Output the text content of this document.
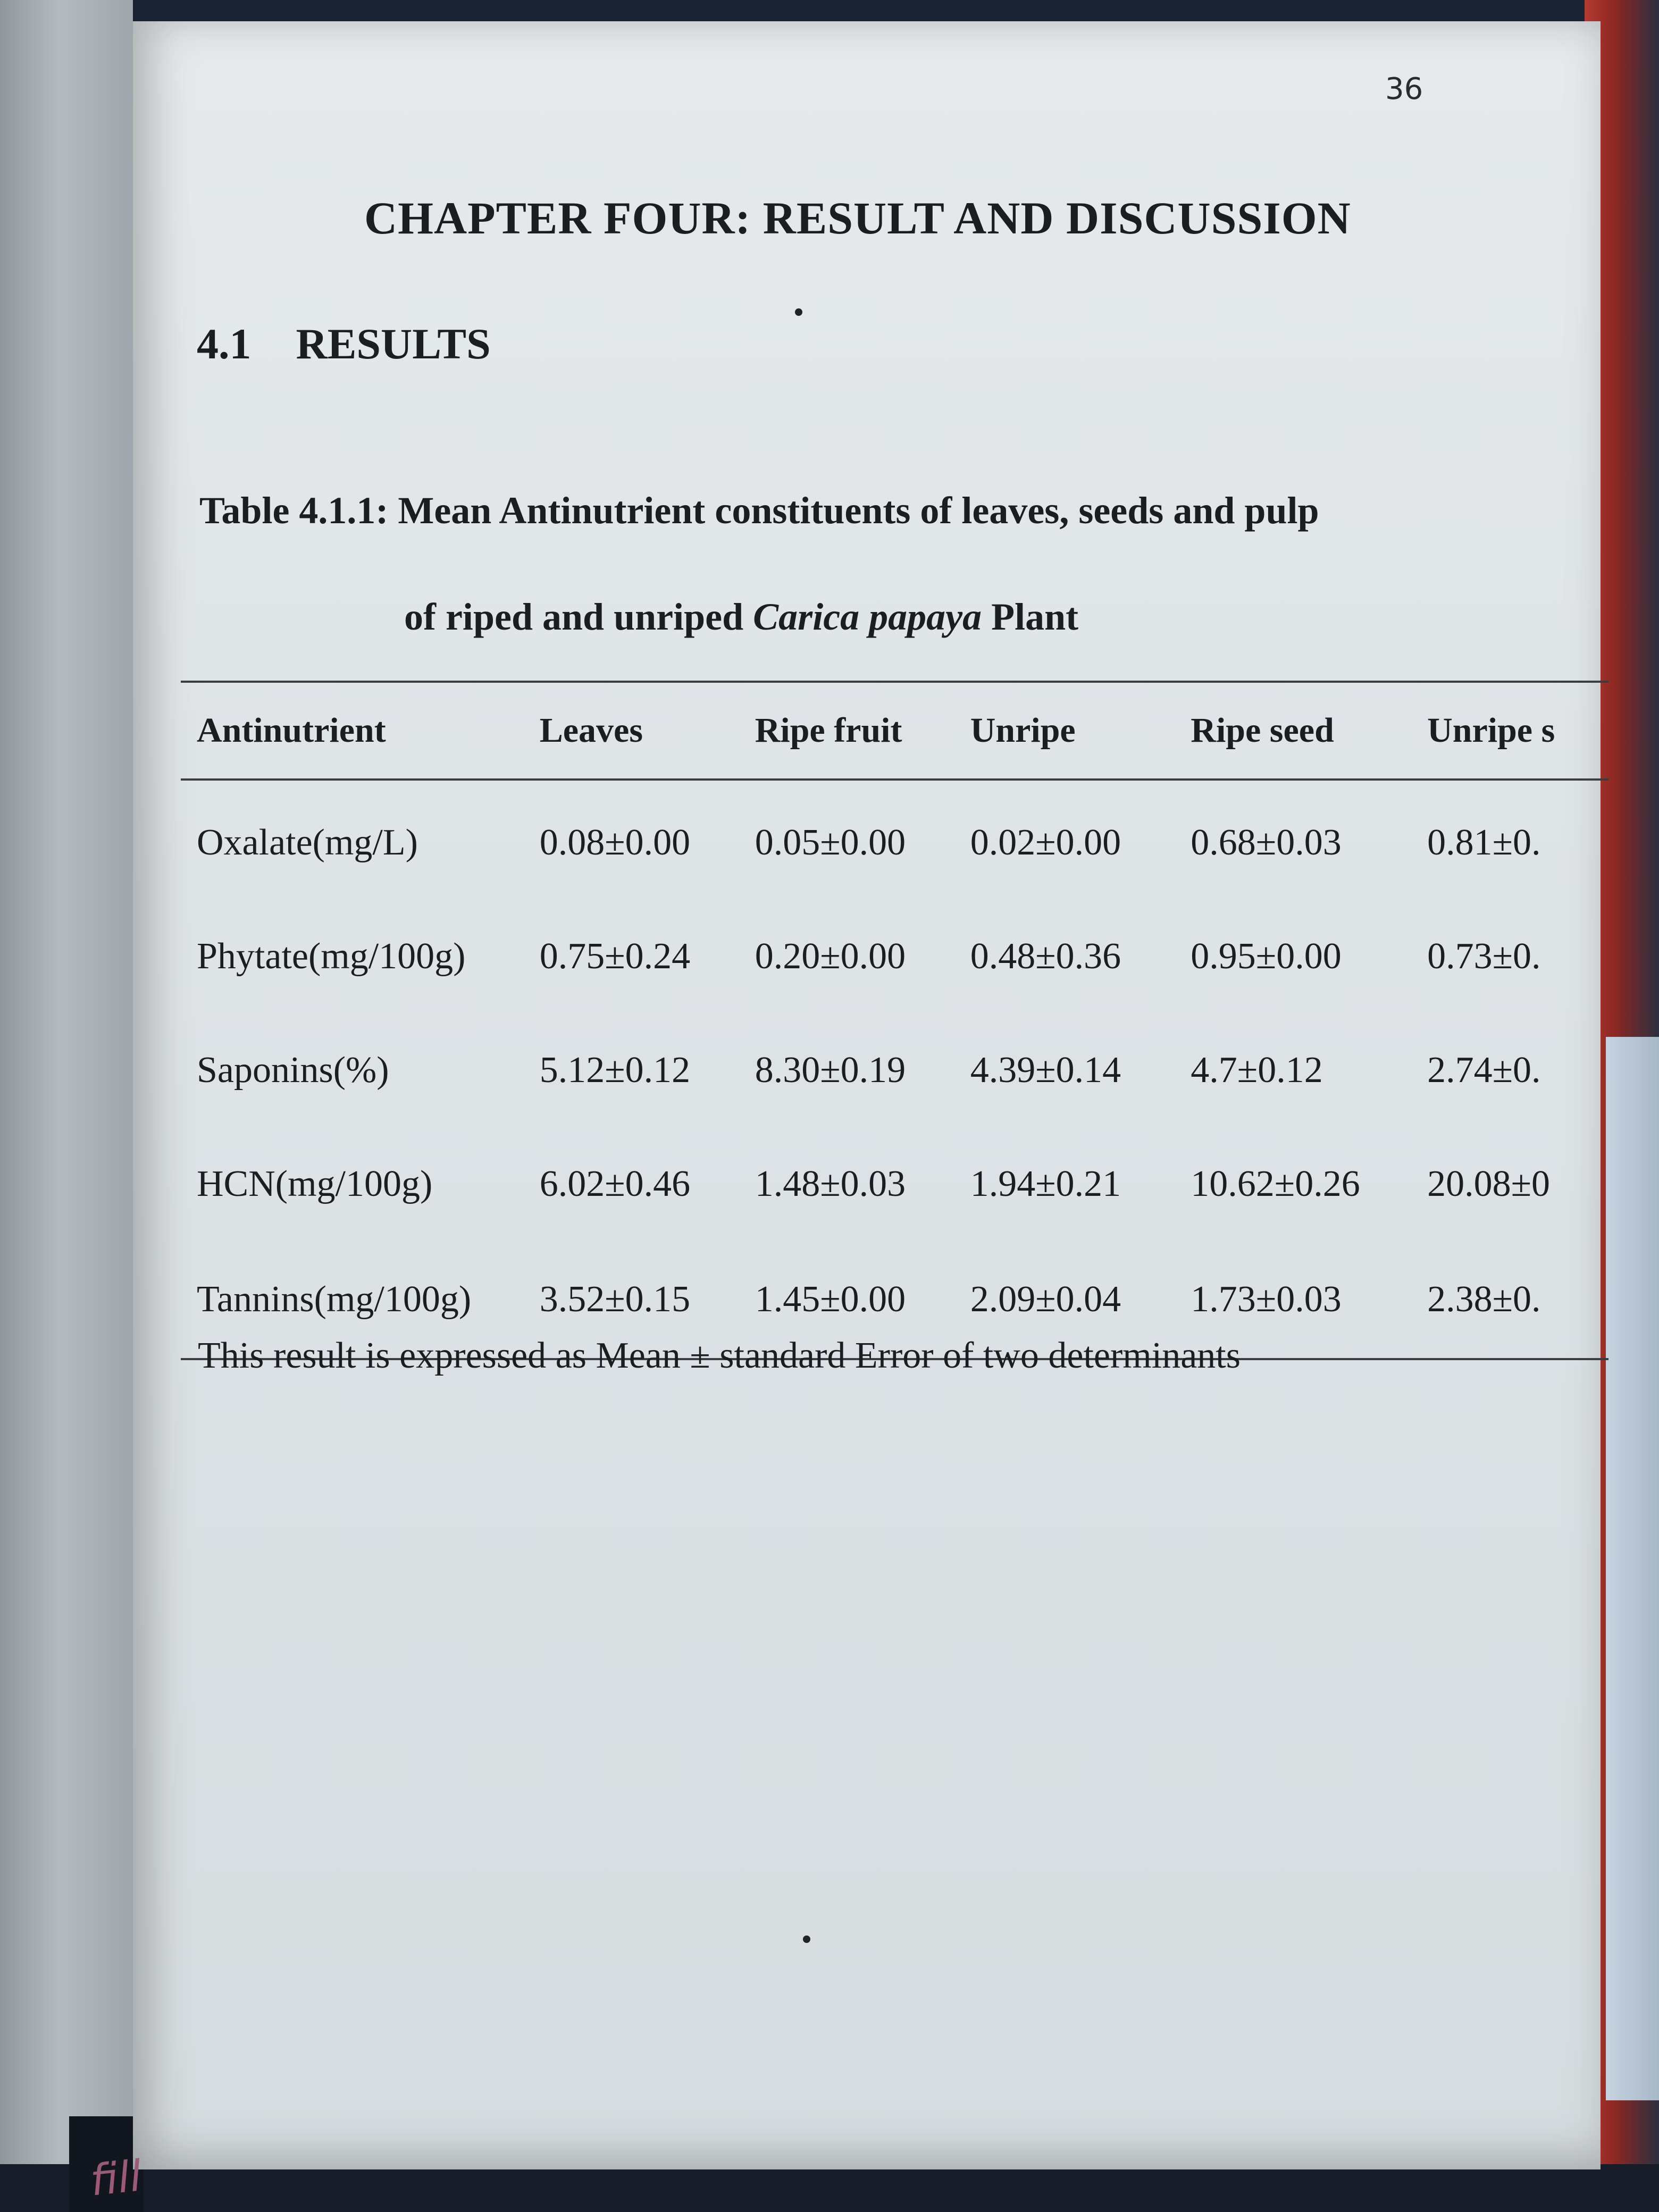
36
CHAPTER FOUR: RESULT AND DISCUSSION
4.1 RESULTS
Table 4.1.1: Mean Antinutrient constituents of leaves, seeds and pulp
of riped and unriped Carica papaya Plant
Antinutrient	Leaves	Ripe fruit	Unripe	Ripe seed	Unripe s
Oxalate(mg/L)	0.08±0.00	0.05±0.00	0.02±0.00	0.68±0.03	0.81±0.
Phytate(mg/100g)	0.75±0.24	0.20±0.00	0.48±0.36	0.95±0.00	0.73±0.
Saponins(%)	5.12±0.12	8.30±0.19	4.39±0.14	4.7±0.12	2.74±0.
HCN(mg/100g)	6.02±0.46	1.48±0.03	1.94±0.21	10.62±0.26	20.08±0
Tannins(mg/100g)	3.52±0.15	1.45±0.00	2.09±0.04	1.73±0.03	2.38±0.
This result is expressed as Mean ± standard Error of two determinants
fill
